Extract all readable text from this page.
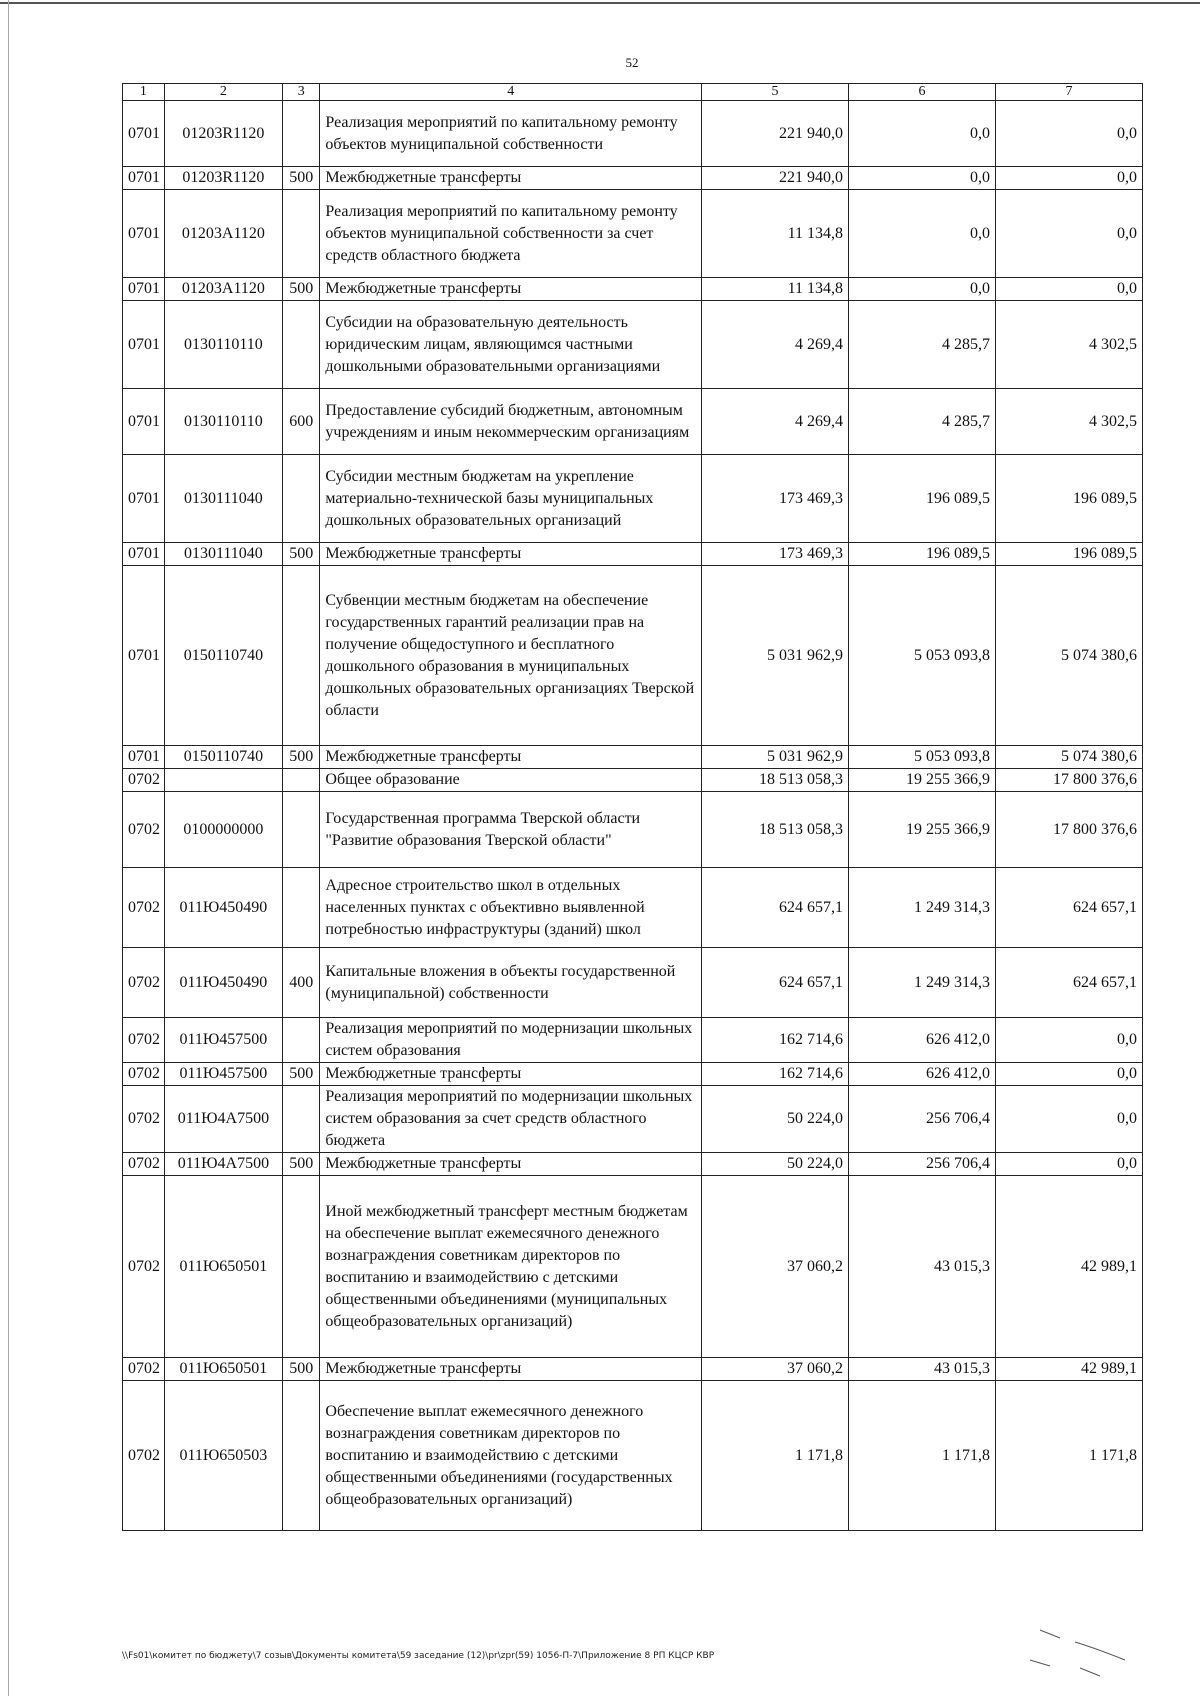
52
1	2	3	4	5	6	7
0701	01203R1120		Реализация мероприятий по капитальному ремонту объектов муниципальной собственности	221 940,0	0,0	0,0
0701	01203R1120	500	Межбюджетные трансферты	221 940,0	0,0	0,0
0701	01203A1120		Реализация мероприятий по капитальному ремонту объектов муниципальной собственности за счет средств областного бюджета	11 134,8	0,0	0,0
0701	01203A1120	500	Межбюджетные трансферты	11 134,8	0,0	0,0
0701	0130110110		Субсидии на образовательную деятельность юридическим лицам, являющимся частными дошкольными образовательными организациями	4 269,4	4 285,7	4 302,5
0701	0130110110	600	Предоставление субсидий бюджетным, автономным учреждениям и иным некоммерческим организациям	4 269,4	4 285,7	4 302,5
0701	0130111040		Субсидии местным бюджетам на укрепление материально-технической базы муниципальных дошкольных образовательных организаций	173 469,3	196 089,5	196 089,5
0701	0130111040	500	Межбюджетные трансферты	173 469,3	196 089,5	196 089,5
0701	0150110740		Субвенции местным бюджетам на обеспечение государственных гарантий реализации прав на получение общедоступного и бесплатного дошкольного образования в муниципальных дошкольных образовательных организациях Тверской области	5 031 962,9	5 053 093,8	5 074 380,6
0701	0150110740	500	Межбюджетные трансферты	5 031 962,9	5 053 093,8	5 074 380,6
0702			Общее образование	18 513 058,3	19 255 366,9	17 800 376,6
0702	0100000000		Государственная программа Тверской области "Развитие образования Тверской области"	18 513 058,3	19 255 366,9	17 800 376,6
0702	011Ю450490		Адресное строительство школ в отдельных населенных пунктах с объективно выявленной потребностью инфраструктуры (зданий) школ	624 657,1	1 249 314,3	624 657,1
0702	011Ю450490	400	Капитальные вложения в объекты государственной (муниципальной) собственности	624 657,1	1 249 314,3	624 657,1
0702	011Ю457500		Реализация мероприятий по модернизации школьных систем образования	162 714,6	626 412,0	0,0
0702	011Ю457500	500	Межбюджетные трансферты	162 714,6	626 412,0	0,0
0702	011Ю4A7500		Реализация мероприятий по модернизации школьных систем образования за счет средств областного бюджета	50 224,0	256 706,4	0,0
0702	011Ю4A7500	500	Межбюджетные трансферты	50 224,0	256 706,4	0,0
0702	011Ю650501		Иной межбюджетный трансферт местным бюджетам на обеспечение выплат ежемесячного денежного вознаграждения советникам директоров по воспитанию и взаимодействию с детскими общественными объединениями (муниципальных общеобразовательных организаций)	37 060,2	43 015,3	42 989,1
0702	011Ю650501	500	Межбюджетные трансферты	37 060,2	43 015,3	42 989,1
0702	011Ю650503		Обеспечение выплат ежемесячного денежного вознаграждения советникам директоров по воспитанию и взаимодействию с детскими общественными объединениями (государственных общеобразовательных организаций)	1 171,8	1 171,8	1 171,8
\\Fs01\комитет по бюджету\7 созыв\Документы комитета\59 заседание (12)\pr\zpr(59) 1056-П-7\Приложение 8 РП КЦСР КВР
